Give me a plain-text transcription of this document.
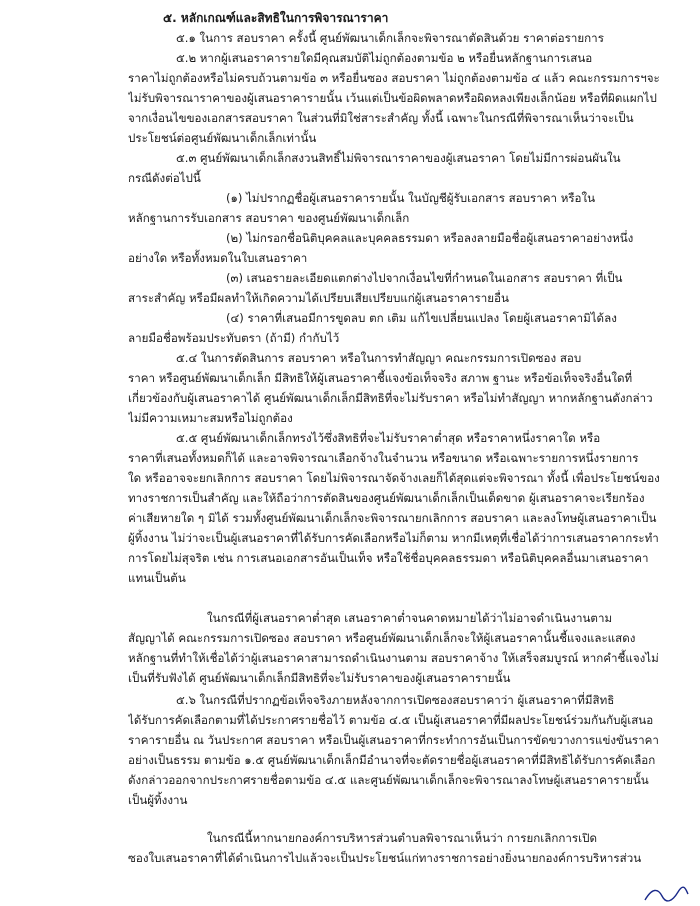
๕. หลักเกณฑ์และสิทธิในการพิจารณาราคา
๕.๑ ในการ สอบราคา ครั้งนี้ ศูนย์พัฒนาเด็กเล็กจะพิจารณาตัดสินด้วย ราคาต่อรายการ
๕.๒ หากผู้เสนอราคารายใดมีคุณสมบัติไม่ถูกต้องตามข้อ ๒ หรือยื่นหลักฐานการเสนอ
ราคาไม่ถูกต้องหรือไม่ครบถ้วนตามข้อ ๓ หรือยื่นซอง สอบราคา ไม่ถูกต้องตามข้อ ๔ แล้ว คณะกรรมการฯจะ
ไม่รับพิจารณาราคาของผู้เสนอราคารายนั้น เว้นแต่เป็นข้อผิดพลาดหรือผิดหลงเพียงเล็กน้อย หรือที่ผิดแผกไป
จากเงื่อนไขของเอกสารสอบราคา ในส่วนที่มิใช่สาระสำคัญ ทั้งนี้ เฉพาะในกรณีที่พิจารณาเห็นว่าจะเป็น
ประโยชน์ต่อศูนย์พัฒนาเด็กเล็กเท่านั้น
๕.๓ ศูนย์พัฒนาเด็กเล็กสงวนสิทธิ์ไม่พิจารณาราคาของผู้เสนอราคา โดยไม่มีการผ่อนผันใน
กรณีดังต่อไปนี้
(๑) ไม่ปรากฏชื่อผู้เสนอราคารายนั้น ในบัญชีผู้รับเอกสาร สอบราคา หรือใน
หลักฐานการรับเอกสาร สอบราคา ของศูนย์พัฒนาเด็กเล็ก
(๒) ไม่กรอกชื่อนิติบุคคลและบุคคลธรรมดา หรือลงลายมือชื่อผู้เสนอราคาอย่างหนึ่ง
อย่างใด หรือทั้งหมดในใบเสนอราคา
(๓) เสนอรายละเอียดแตกต่างไปจากเงื่อนไขที่กำหนดในเอกสาร สอบราคา ที่เป็น
สาระสำคัญ หรือมีผลทำให้เกิดความได้เปรียบเสียเปรียบแก่ผู้เสนอราคารายอื่น
(๔) ราคาที่เสนอมีการขูดลบ ตก เติม แก้ไขเปลี่ยนแปลง โดยผู้เสนอราคามิได้ลง
ลายมือชื่อพร้อมประทับตรา (ถ้ามี) กำกับไว้
๕.๔ ในการตัดสินการ สอบราคา หรือในการทำสัญญา คณะกรรมการเปิดซอง สอบ
ราคา หรือศูนย์พัฒนาเด็กเล็ก มีสิทธิให้ผู้เสนอราคาชี้แจงข้อเท็จจริง สภาพ ฐานะ หรือข้อเท็จจริงอื่นใดที่
เกี่ยวข้องกับผู้เสนอราคาได้ ศูนย์พัฒนาเด็กเล็กมีสิทธิที่จะไม่รับราคา หรือไม่ทำสัญญา หากหลักฐานดังกล่าว
ไม่มีความเหมาะสมหรือไม่ถูกต้อง
๕.๕ ศูนย์พัฒนาเด็กเล็กทรงไว้ซึ่งสิทธิที่จะไม่รับราคาต่ำสุด หรือราคาหนึ่งราคาใด หรือ
ราคาที่เสนอทั้งหมดก็ได้ และอาจพิจารณาเลือกจ้างในจำนวน หรือขนาด หรือเฉพาะรายการหนึ่งรายการ
ใด หรืออาจจะยกเลิกการ สอบราคา โดยไม่พิจารณาจัดจ้างเลยก็ได้สุดแต่จะพิจารณา ทั้งนี้ เพื่อประโยชน์ของ
ทางราชการเป็นสำคัญ และให้ถือว่าการตัดสินของศูนย์พัฒนาเด็กเล็กเป็นเด็ดขาด ผู้เสนอราคาจะเรียกร้อง
ค่าเสียหายใด ๆ มิได้ รวมทั้งศูนย์พัฒนาเด็กเล็กจะพิจารณายกเลิกการ สอบราคา และลงโทษผู้เสนอราคาเป็น
ผู้ทิ้งงาน ไม่ว่าจะเป็นผู้เสนอราคาที่ได้รับการคัดเลือกหรือไม่ก็ตาม หากมีเหตุที่เชื่อได้ว่าการเสนอราคากระทำ
การโดยไม่สุจริต เช่น การเสนอเอกสารอันเป็นเท็จ หรือใช้ชื่อบุคคลธรรมดา หรือนิติบุคคลอื่นมาเสนอราคา
แทนเป็นต้น
ในกรณีที่ผู้เสนอราคาต่ำสุด เสนอราคาต่ำจนคาดหมายได้ว่าไม่อาจดำเนินงานตาม
สัญญาได้ คณะกรรมการเปิดซอง สอบราคา หรือศูนย์พัฒนาเด็กเล็กจะให้ผู้เสนอราคานั้นชี้แจงและแสดง
หลักฐานที่ทำให้เชื่อได้ว่าผู้เสนอราคาสามารถดำเนินงานตาม สอบราคาจ้าง ให้เสร็จสมบูรณ์ หากคำชี้แจงไม่
เป็นที่รับฟังได้ ศูนย์พัฒนาเด็กเล็กมีสิทธิที่จะไม่รับราคาของผู้เสนอราคารายนั้น
๕.๖ ในกรณีที่ปรากฏข้อเท็จจริงภายหลังจากการเปิดซองสอบราคาว่า ผู้เสนอราคาที่มีสิทธิ
ได้รับการคัดเลือกตามที่ได้ประกาศรายชื่อไว้ ตามข้อ ๔.๕ เป็นผู้เสนอราคาที่มีผลประโยชน์ร่วมกันกับผู้เสนอ
ราคารายอื่น ณ วันประกาศ สอบราคา หรือเป็นผู้เสนอราคาที่กระทำการอันเป็นการขัดขวางการแข่งขันราคา
อย่างเป็นธรรม ตามข้อ ๑.๕ ศูนย์พัฒนาเด็กเล็กมีอำนาจที่จะตัดรายชื่อผู้เสนอราคาที่มีสิทธิได้รับการคัดเลือก
ดังกล่าวออกจากประกาศรายชื่อตามข้อ ๔.๕ และศูนย์พัฒนาเด็กเล็กจะพิจารณาลงโทษผู้เสนอราคารายนั้น
เป็นผู้ทิ้งงาน
ในกรณีนี้หากนายกองค์การบริหารส่วนตำบลพิจารณาเห็นว่า การยกเลิกการเปิด
ซองใบเสนอราคาที่ได้ดำเนินการไปแล้วจะเป็นประโยชน์แก่ทางราชการอย่างยิ่งนายกองค์การบริหารส่วน
